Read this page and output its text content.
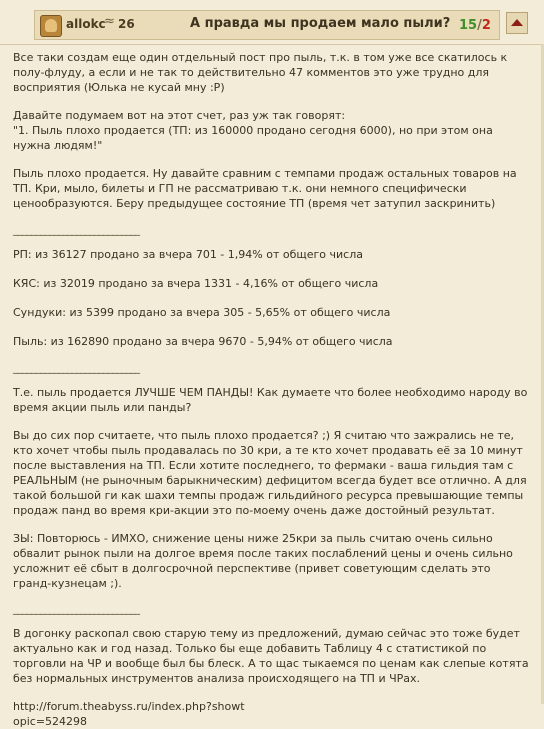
allokc
≈ 26	А правда мы продаем мало пыли? 15/2

Все таки создам еще один отдельный пост про пыль, т.к. в том уже все скатилось к полу-флуду, а если и не так то действительно 47 комментов это уже трудно для восприятия (Юлька не кусай мну :P)

Давайте подумаем вот на этот счет, раз уж так говорят:
"1. Пыль плохо продается (ТП: из 160000 продано сегодня 6000), но при этом она нужна людям!"

Пыль плохо продается. Ну давайте сравним с темпами продаж остальных товаров на ТП. Кри, мыло, билеты и ГП не рассматриваю т.к. они немного специфически ценообразуются. Беру предыдущее состояние ТП (время чет затупил заскринить)

____________________________

РП: из 36127 продано за вчера 701 - 1,94% от общего числа

КЯС: из 32019 продано за вчера 1331 - 4,16% от общего числа

Сундуки: из 5399 продано за вчера 305 - 5,65% от общего числа

Пыль: из 162890 продано за вчера 9670 - 5,94% от общего числа

____________________________

Т.е. пыль продается ЛУЧШЕ ЧЕМ ПАНДЫ! Как думаете что более необходимо народу во время акции пыль или панды?

Вы до сих пор считаете, что пыль плохо продается? ;) Я считаю что зажрались не те, кто хочет чтобы пыль продавалась по 30 кри, а те кто хочет продавать её за 10 минут после выставления на ТП. Если хотите последнего, то фермаки - ваша гильдия там с РЕАЛЬНЫМ (не рыночным барыкническим) дефицитом всегда будет все отлично. А для такой большой ги как шахи темпы продаж гильдийного ресурса превышающие темпы продаж панд во время кри-акции это по-моему очень даже достойный результат.

ЗЫ: Повторюсь - ИМХО, снижение цены ниже 25кри за пыль считаю очень сильно обвалит рынок пыли на долгое время после таких послаблений цены и очень сильно усложнит её сбыт в долгосрочной перспективе (привет советующим сделать это гранд-кузнецам ;).

____________________________

В догонку раскопал свою старую тему из предложений, думаю сейчас это тоже будет актуально как и год назад. Только бы еще добавить Таблицу 4 с статистикой по торговли на ЧР и вообще был бы блеск. А то щас тыкаемся по ценам как слепые котята без нормальных инструментов анализа происходящего на ТП и ЧРах.

http://forum.theabyss.ru/index.php?showt
opic=524298
